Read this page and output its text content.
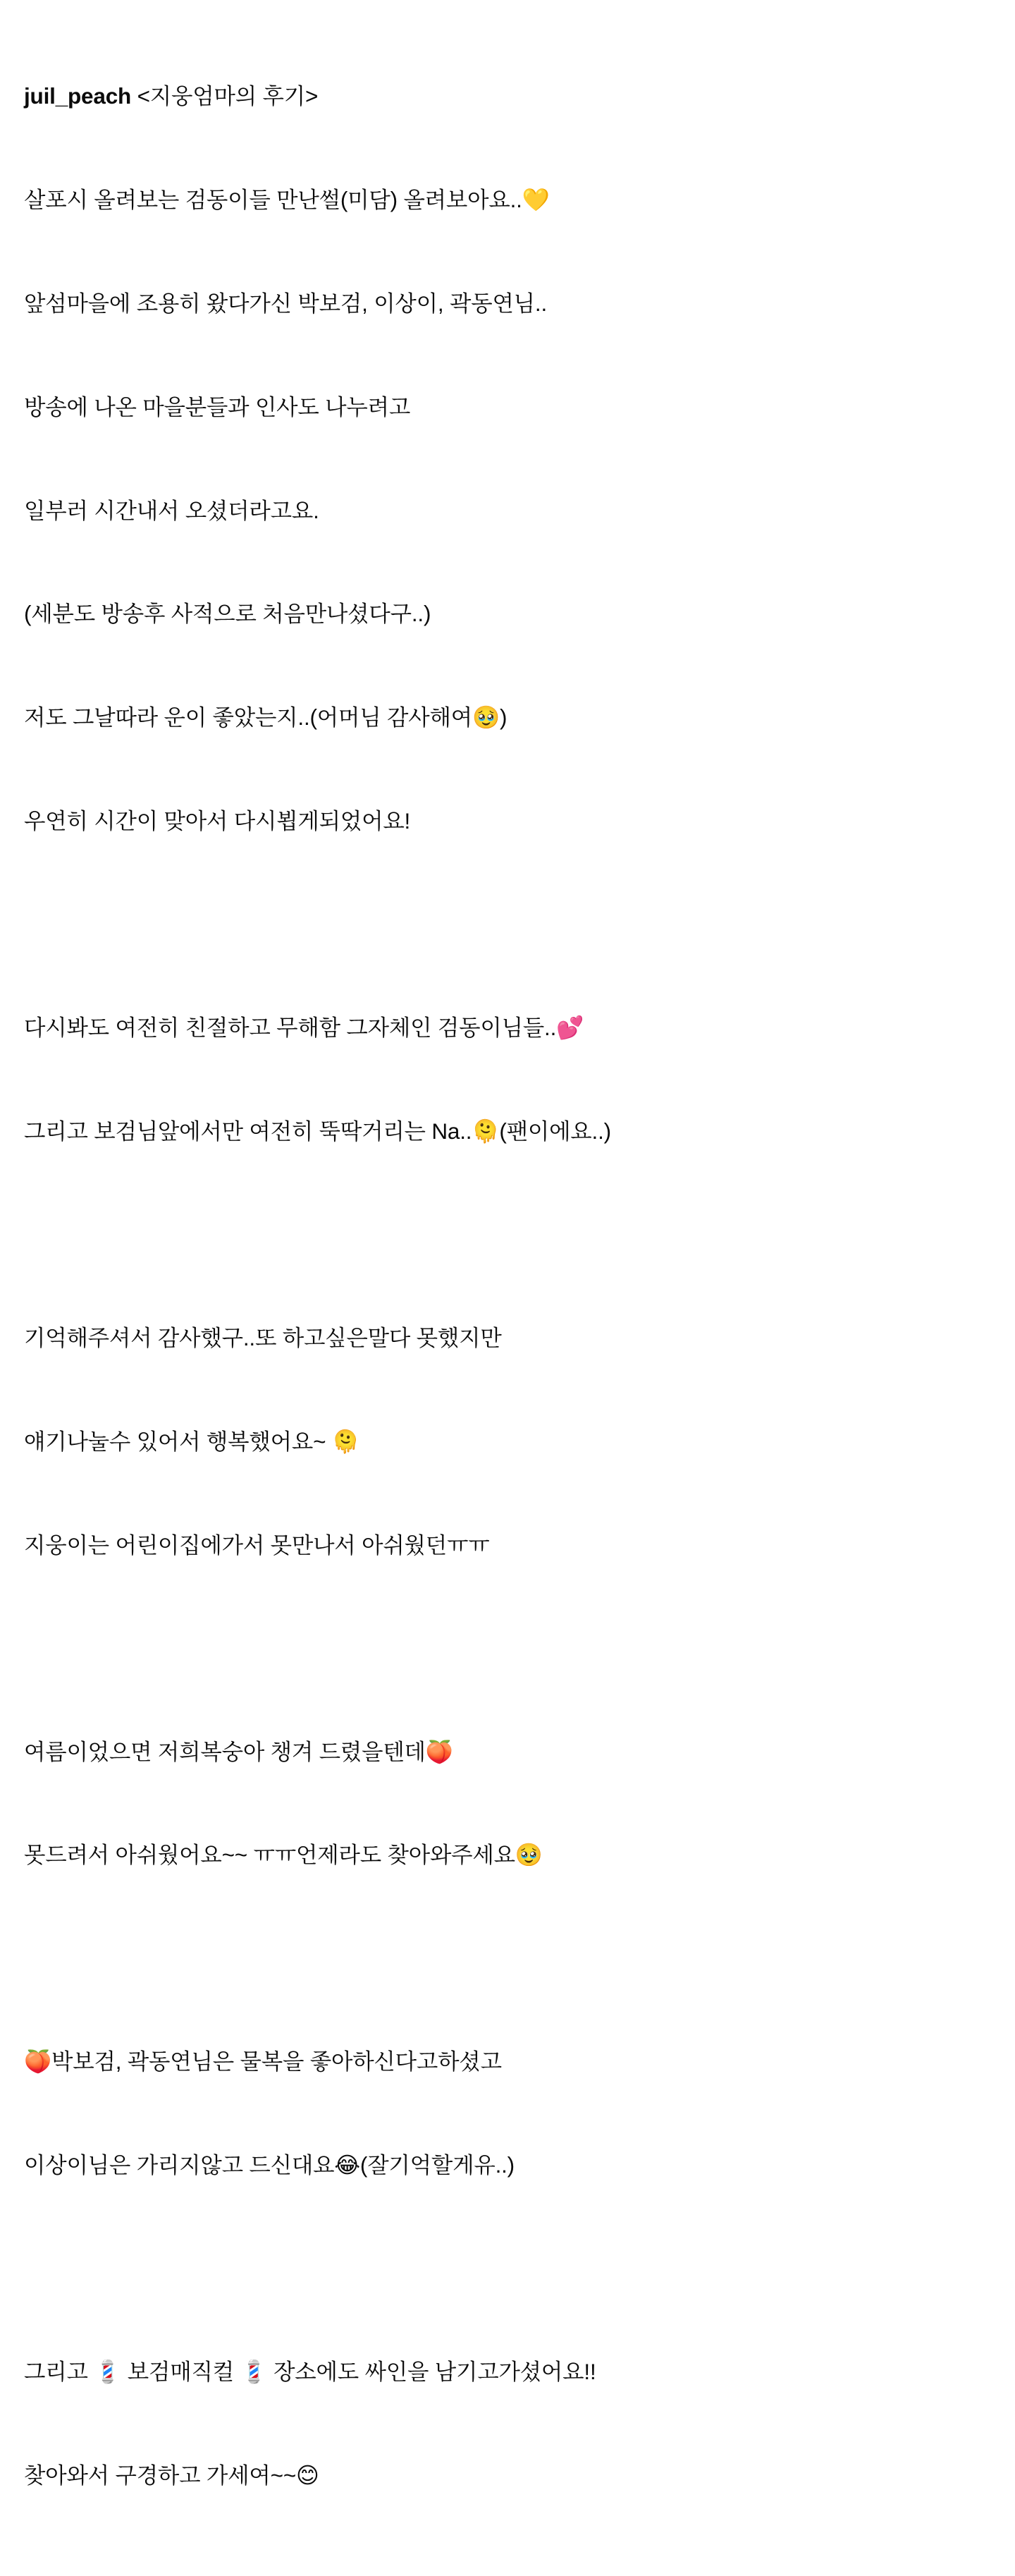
juil_peach <지웅엄마의 후기>

살포시 올려보는 검동이들 만난썰(미담) 올려보아요..💛

앞섬마을에 조용히 왔다가신 박보검, 이상이, 곽동연님..

방송에 나온 마을분들과 인사도 나누려고

일부러 시간내서 오셨더라고요.

(세분도 방송후 사적으로 처음만나셨다구..)

저도 그날따라 운이 좋았는지..(어머님 감사해여🥹)

우연히 시간이 맞아서 다시뵙게되었어요!

다시봐도 여전히 친절하고 무해함 그자체인 검동이님들..💕

그리고 보검님앞에서만 여전히 뚝딱거리는 Na..🫠(팬이에요..)

기억해주셔서 감사했구..또 하고싶은말다 못했지만

얘기나눌수 있어서 행복했어요~ 🫠

지웅이는 어린이집에가서 못만나서 아쉬웠던ㅠㅠ

여름이었으면 저희복숭아 챙겨 드렸을텐데🍑

못드려서 아쉬웠어요~~ ㅠㅠ언제라도 찾아와주세요🥹

🍑박보검, 곽동연님은 물복을 좋아하신다고하셨고

이상이님은 가리지않고 드신대요😂(잘기억할게유..)

그리고 💈 보검매직컬 💈 장소에도 싸인을 남기고가셨어요!!

찾아와서 구경하고 가세여~~😊
